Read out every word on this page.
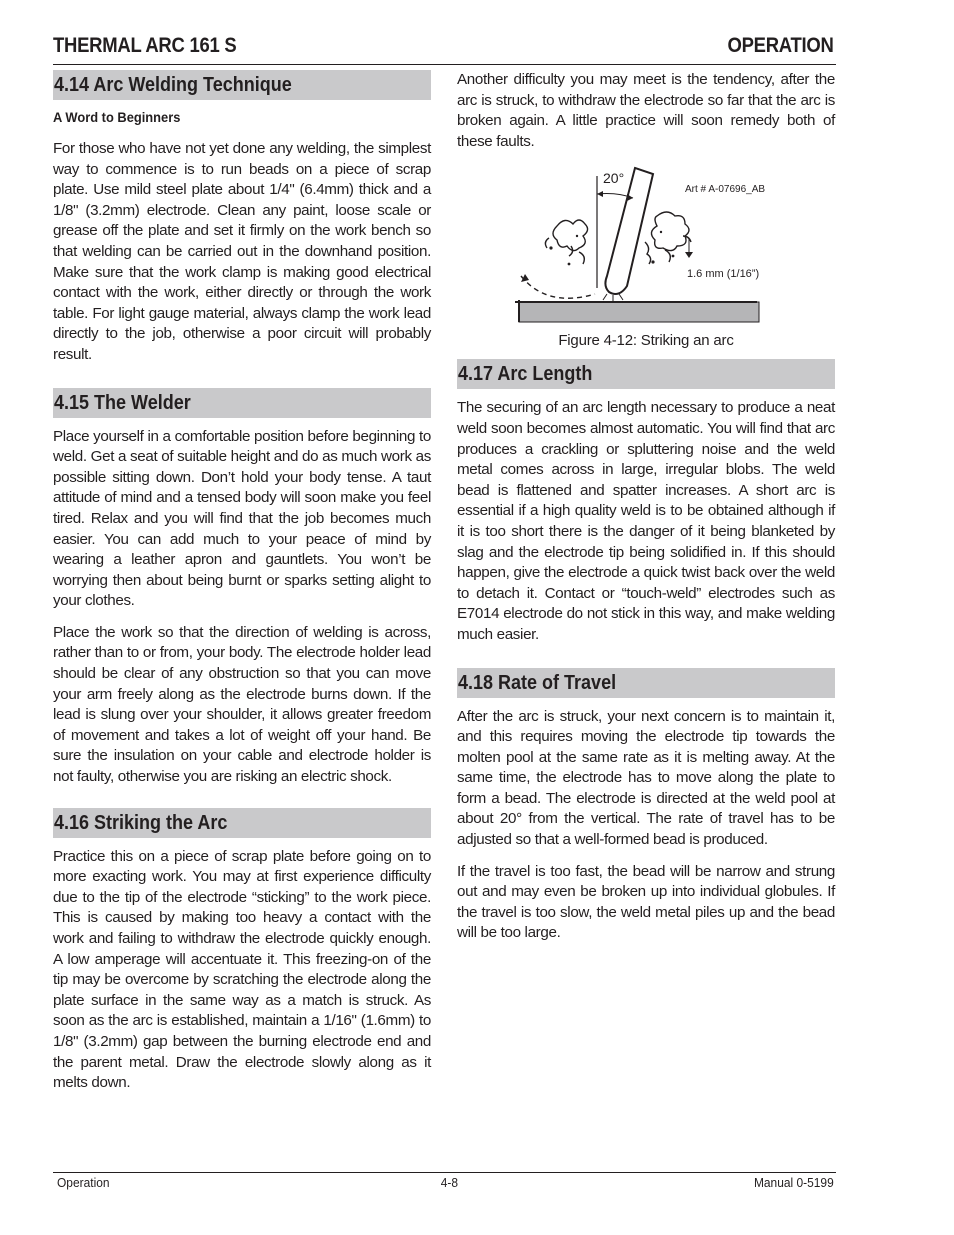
THERMAL ARC 161 S	OPERATION
4.14 Arc Welding Technique
A Word to Beginners

For those who have not yet done any welding, the simplest way to commence is to run beads on a piece of scrap plate. Use mild steel plate about 1/4" (6.4mm) thick and a 1/8" (3.2mm) electrode. Clean any paint, loose scale or grease off the plate and set it firmly on the work bench so that welding can be carried out in the downhand position. Make sure that the work clamp is making good electrical contact with the work, either directly or through the work table. For light gauge material, always clamp the work lead directly to the job, otherwise a poor circuit will probably result.

4.15 The Welder

Place yourself in a comfortable position before beginning to weld. Get a seat of suitable height and do as much work as possible sitting down. Don’t hold your body tense. A taut attitude of mind and a tensed body will soon make you feel tired. Relax and you will find that the job becomes much easier. You can add much to your peace of mind by wearing a leather apron and gauntlets. You won’t be worrying then about being burnt or sparks setting alight to your clothes.

Place the work so that the direction of welding is across, rather than to or from, your body. The electrode holder lead should be clear of any obstruction so that you can move your arm freely along as the electrode burns down. If the lead is slung over your shoulder, it allows greater freedom of movement and takes a lot of weight off your hand. Be sure the insulation on your cable and electrode holder is not faulty, otherwise you are risking an electric shock.

4.16 Striking the Arc

Practice this on a piece of scrap plate before going on to more exacting work. You may at first experience difficulty due to the tip of the electrode “sticking” to the work piece. This is caused by making too heavy a contact with the work and failing to withdraw the electrode quickly enough. A low amperage will accentuate it. This freezing-on of the tip may be overcome by scratching the electrode along the plate surface in the same way as a match is struck. As soon as the arc is established, maintain a 1/16" (1.6mm) to 1/8" (3.2mm) gap between the burning electrode end and the parent metal. Draw the electrode slowly along as it melts down.

Another difficulty you may meet is the tendency, after the arc is struck, to withdraw the electrode so far that the arc is broken again. A little practice will soon remedy both of these faults.

20°
Art # A-07696_AB
1.6 mm (1/16”)
Figure 4-12: Striking an arc
4.17 Arc Length

The securing of an arc length necessary to produce a neat weld soon becomes almost automatic. You will find that arc produces a crackling or spluttering noise and the weld metal comes across in large, irregular blobs. The weld bead is flattened and spatter increases. A short arc is essential if a high quality weld is to be obtained although if it is too short there is the danger of it being blanketed by slag and the electrode tip being solidified in. If this should happen, give the electrode a quick twist back over the weld to detach it. Contact or “touch-weld” electrodes such as E7014 electrode do not stick in this way, and make welding much easier.

4.18 Rate of Travel

After the arc is struck, your next concern is to maintain it, and this requires moving the electrode tip towards the molten pool at the same rate as it is melting away. At the same time, the electrode has to move along the plate to form a bead. The electrode is directed at the weld pool at about 20° from the vertical. The rate of travel has to be adjusted so that a well-formed bead is produced.

If the travel is too fast, the bead will be narrow and strung out and may even be broken up into individual globules. If the travel is too slow, the weld metal piles up and the bead will be too large.

Operation	4-8	Manual 0-5199
